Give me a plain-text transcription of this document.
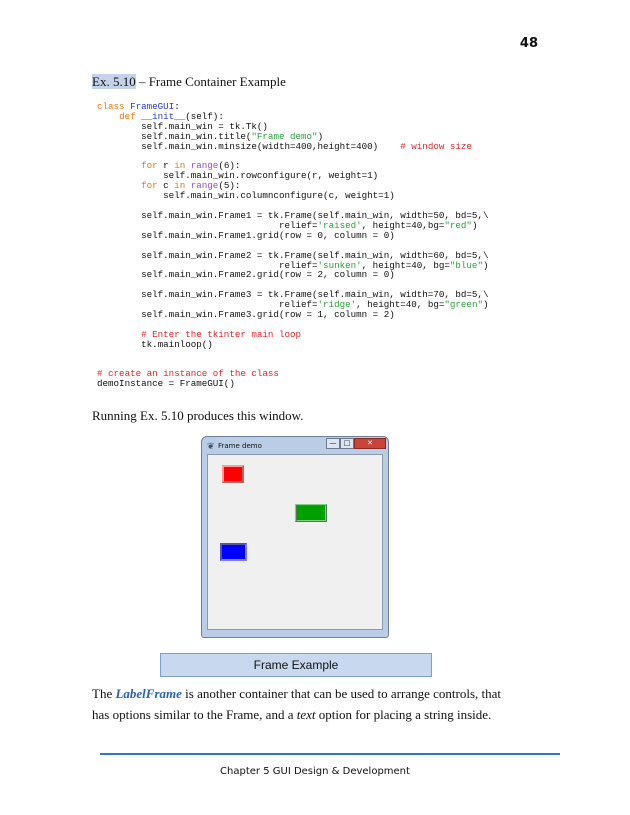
48
Ex. 5.10 – Frame Container Example
class FrameGUI:
def __init__(self):
self.main_win = tk.Tk()
self.main_win.title("Frame demo")
self.main_win.minsize(width=400,height=400)    # window size
for r in range(6):
self.main_win.rowconfigure(r, weight=1)
for c in range(5):
self.main_win.columnconfigure(c, weight=1)
self.main_win.Frame1 = tk.Frame(self.main_win, width=50, bd=5,\
relief='raised', height=40,bg="red")
self.main_win.Frame1.grid(row = 0, column = 0)
self.main_win.Frame2 = tk.Frame(self.main_win, width=60, bd=5,\
relief='sunken', height=40, bg="blue")
self.main_win.Frame2.grid(row = 2, column = 0)
self.main_win.Frame3 = tk.Frame(self.main_win, width=70, bd=5,\
relief='ridge', height=40, bg="green")
self.main_win.Frame3.grid(row = 1, column = 2)
# Enter the tkinter main loop
tk.mainloop()
# create an instance of the class
demoInstance = FrameGUI()
Running Ex. 5.10 produces this window.
❦ Frame demo	—	□	✕
Frame Example
The LabelFrame is another container that can be used to arrange controls, that has options similar to the Frame, and a text option for placing a string inside.
Chapter 5 GUI Design & Development
